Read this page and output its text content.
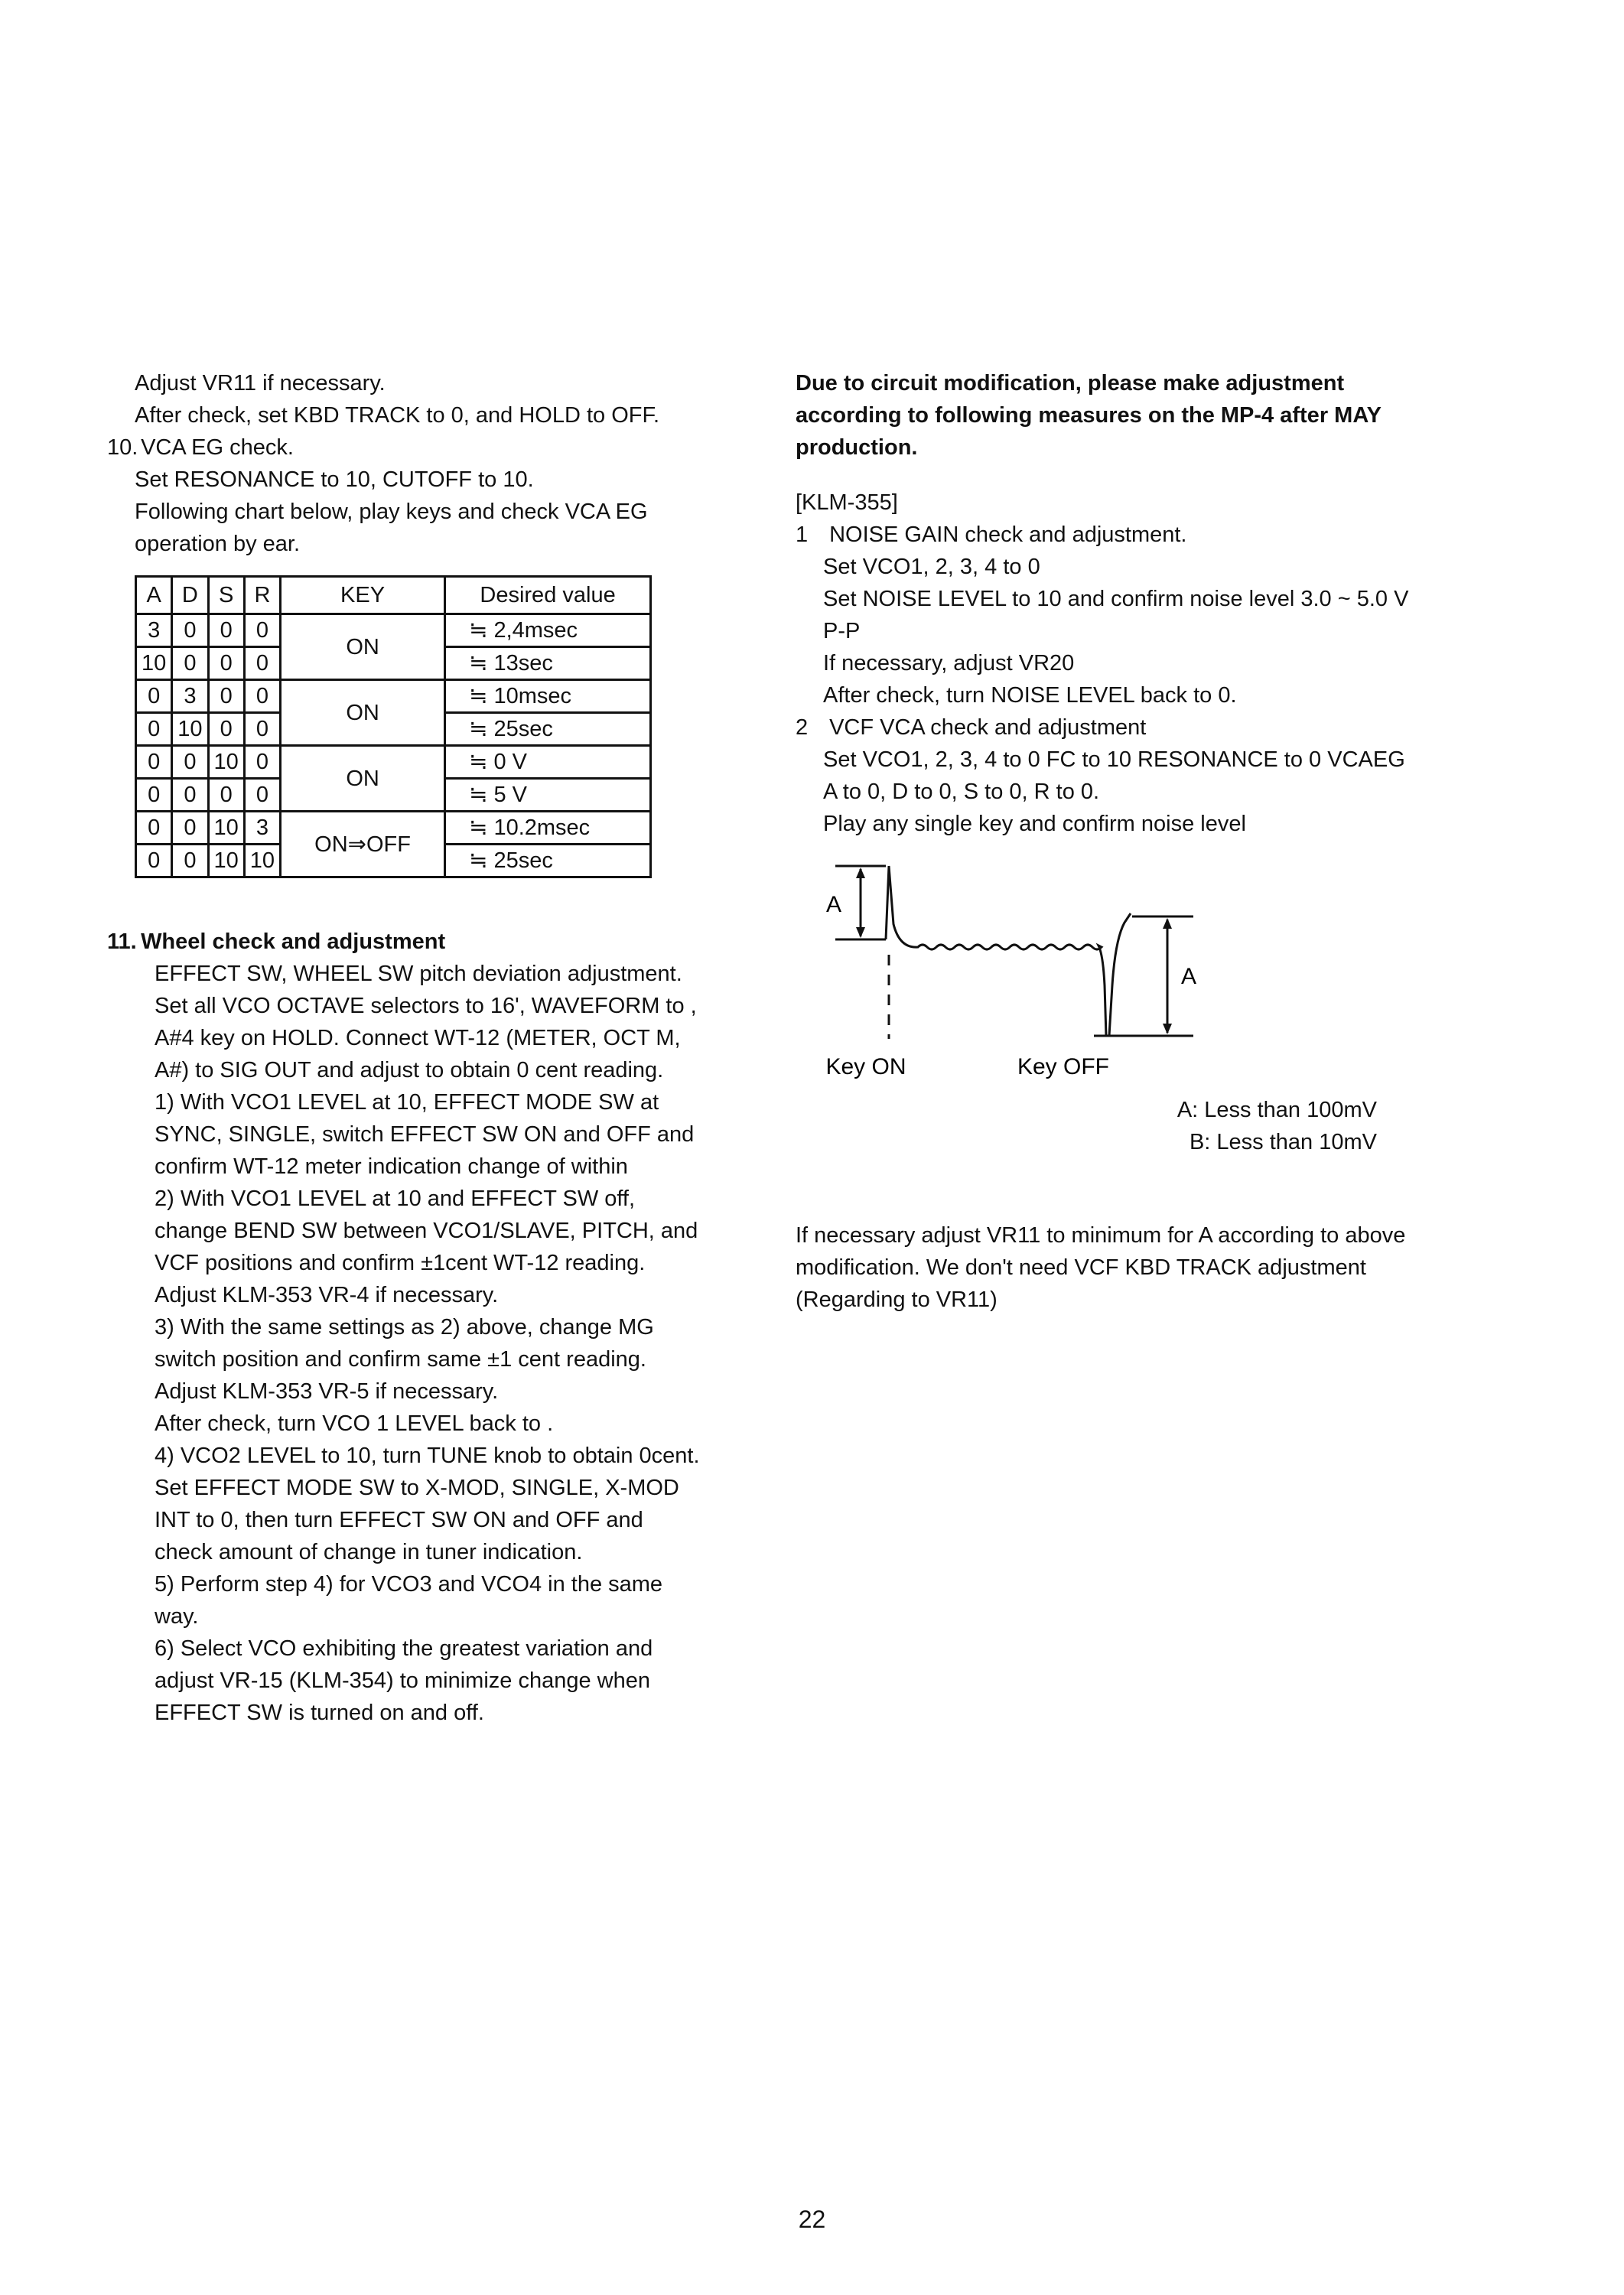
Adjust VR11 if necessary.

After check, set KBD TRACK to 0, and HOLD to OFF.

10. VCA EG check.

Set RESONANCE to 10, CUTOFF to 10.

Following chart below, play keys and check VCA EG operation by ear.

A	D	S	R	KEY	Desired value
3	0	0	0	ON	≒ 2,4msec
10	0	0	0		≒ 13sec
0	3	0	0	ON	≒ 10msec
0	10	0	0		≒ 25sec
0	0	10	0	ON	≒ 0 V
0	0	0	0		≒ 5 V
0	0	10	3	ON⇒OFF	≒ 10.2msec
0	0	10	10		≒ 25sec

11. Wheel check and adjustment

EFFECT SW, WHEEL SW pitch deviation adjustment.

Set all VCO OCTAVE selectors to 16', WAVEFORM to , A#4 key on HOLD. Connect WT-12 (METER, OCT M, A#) to SIG OUT and adjust to obtain 0 cent reading.

1) With VCO1 LEVEL at 10, EFFECT MODE SW at SYNC, SINGLE, switch EFFECT SW ON and OFF and confirm WT-12 meter indication change of within

2) With VCO1 LEVEL at 10 and EFFECT SW off, change BEND SW between VCO1/SLAVE, PITCH, and VCF positions and confirm ±1cent WT-12 reading. Adjust KLM-353 VR-4 if necessary.

3) With the same settings as 2) above, change MG switch position and confirm same ±1 cent reading. Adjust KLM-353 VR-5 if necessary.

After check, turn VCO 1 LEVEL back to .

4) VCO2 LEVEL to 10, turn TUNE knob to obtain 0cent.

Set EFFECT MODE SW to X-MOD, SINGLE, X-MOD INT to 0, then turn EFFECT SW ON and OFF and check amount of change in tuner indication.

5) Perform step 4) for VCO3 and VCO4 in the same way.

6) Select VCO exhibiting the greatest variation and adjust VR-15 (KLM-354) to minimize change when EFFECT SW is turned on and off.

Due to circuit modification, please make adjustment according to following measures on the MP-4 after MAY production.

[KLM-355]

1 NOISE GAIN check and adjustment.

Set VCO1, 2, 3, 4 to 0

Set NOISE LEVEL to 10 and confirm noise level 3.0 ~ 5.0 V P-P

If necessary, adjust VR20

After check, turn NOISE LEVEL back to 0.

2 VCF VCA check and adjustment

Set VCO1, 2, 3, 4 to 0 FC to 10 RESONANCE to 0 VCAEG A to 0, D to 0, S to 0, R to 0.

Play any single key and confirm noise level

A
A
Key ON	Key OFF

A: Less than 100mV

B: Less than 10mV

If necessary adjust VR11 to minimum for A according to above modification. We don't need VCF KBD TRACK adjustment (Regarding to VR11)

22
